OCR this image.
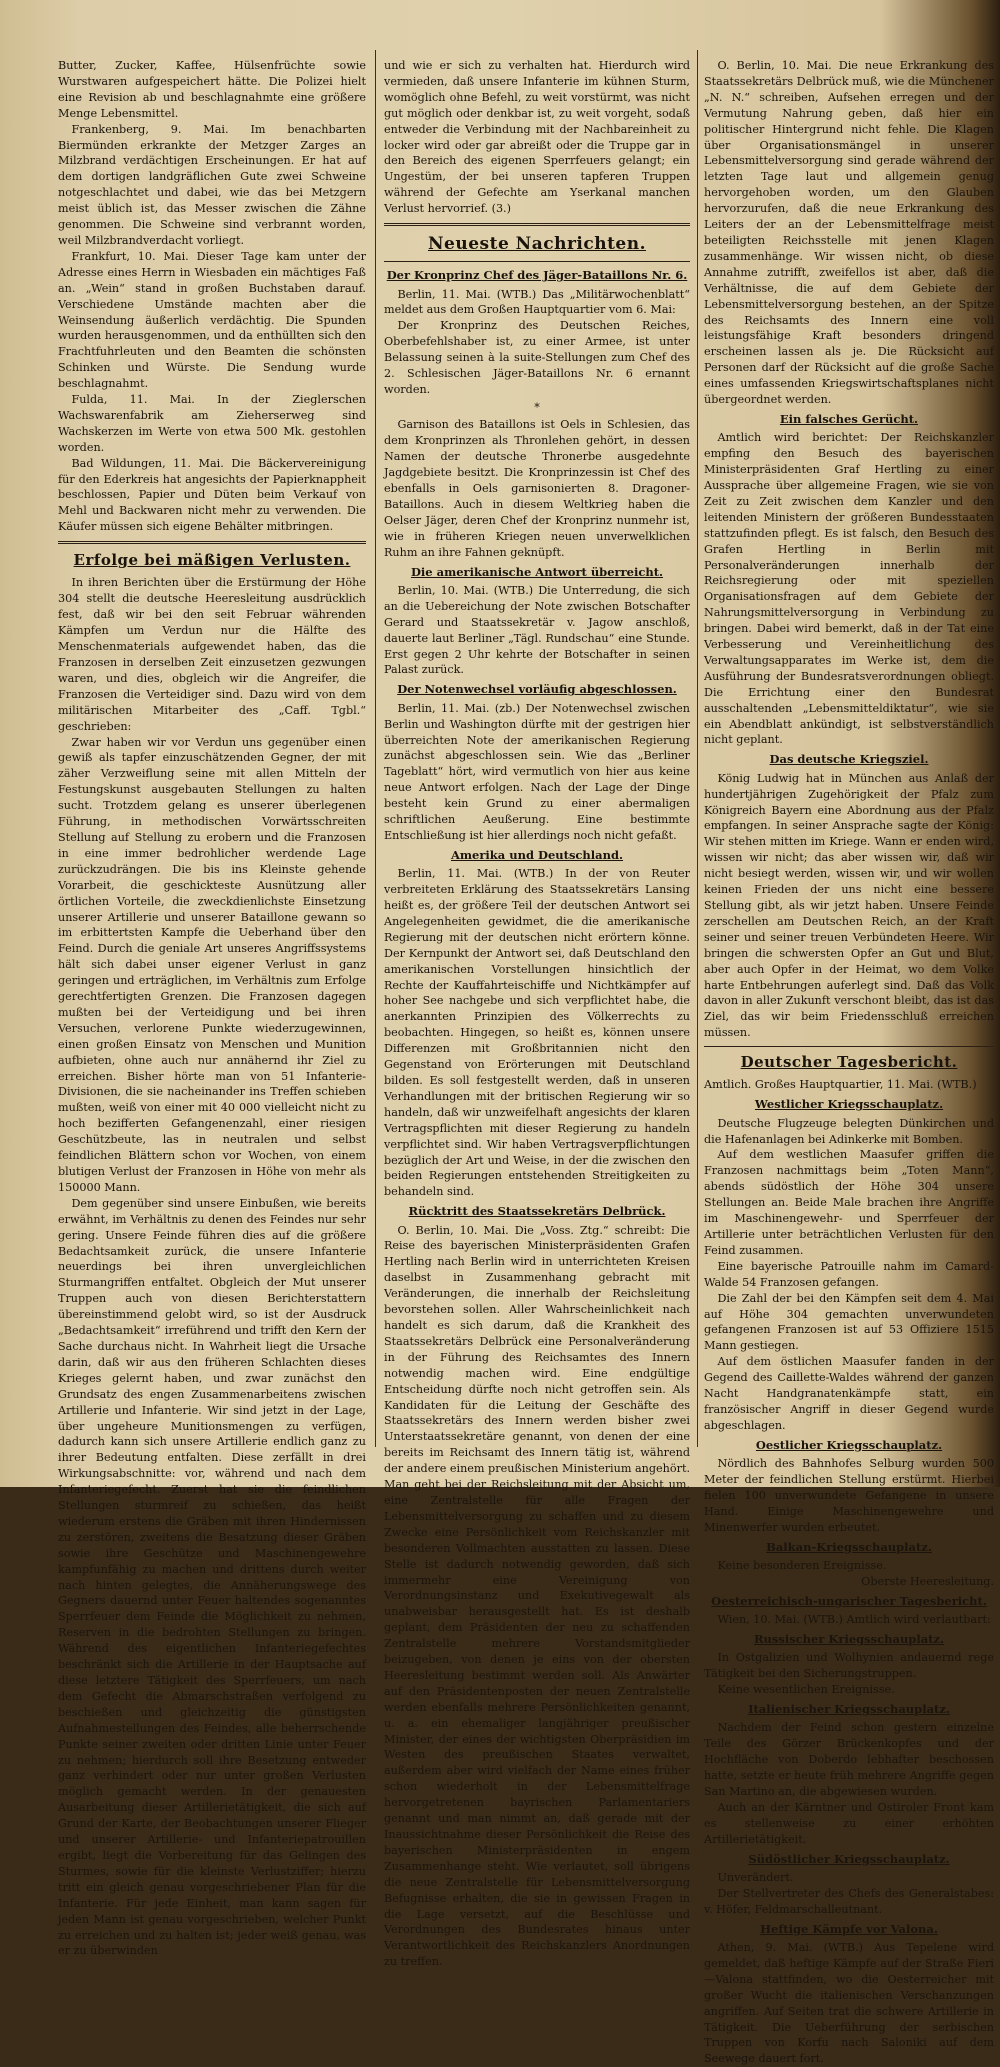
Butter, Zucker, Kaffee, Hülsenfrüchte sowie Wurstwaren aufgespeichert hätte. Die Polizei hielt eine Revision ab und beschlagnahmte eine größere Menge Lebensmittel.

Frankenberg, 9. Mai. Im benachbarten Biermünden erkrankte der Metzger Zarges an Milzbrand verdächtigen Erscheinungen. Er hat auf dem dortigen landgräflichen Gute zwei Schweine notgeschlachtet und dabei, wie das bei Metzgern meist üblich ist, das Messer zwischen die Zähne genommen. Die Schweine sind verbrannt worden, weil Milzbrandverdacht vorliegt.

Frankfurt, 10. Mai. Dieser Tage kam unter der Adresse eines Herrn in Wiesbaden ein mächtiges Faß an. „Wein“ stand in großen Buchstaben darauf. Verschiedene Umstände machten aber die Weinsendung äußerlich verdächtig. Die Spunden wurden herausgenommen, und da enthüllten sich den Frachtfuhrleuten und den Beamten die schönsten Schinken und Würste. Die Sendung wurde beschlagnahmt.

Fulda, 11. Mai. In der Zieglerschen Wachswarenfabrik am Zieherserweg sind Wachskerzen im Werte von etwa 500 Mk. gestohlen worden.

Bad Wildungen, 11. Mai. Die Bäckervereinigung für den Ederkreis hat angesichts der Papierknappheit beschlossen, Papier und Düten beim Verkauf von Mehl und Backwaren nicht mehr zu verwenden. Die Käufer müssen sich eigene Behälter mitbringen.

Erfolge bei mäßigen Verlusten.

In ihren Berichten über die Erstürmung der Höhe 304 stellt die deutsche Heeresleitung ausdrücklich fest, daß wir bei den seit Februar währenden Kämpfen um Verdun nur die Hälfte des Menschenmaterials aufgewendet haben, das die Franzosen in derselben Zeit einzusetzen gezwungen waren, und dies, obgleich wir die Angreifer, die Franzosen die Verteidiger sind. Dazu wird von dem militärischen Mitarbeiter des „Caff. Tgbl.“ geschrieben:

Zwar haben wir vor Verdun uns gegenüber einen gewiß als tapfer einzuschätzenden Gegner, der mit zäher Verzweiflung seine mit allen Mitteln der Festungskunst ausgebauten Stellungen zu halten sucht. Trotzdem gelang es unserer überlegenen Führung, in methodischen Vorwärtsschreiten Stellung auf Stellung zu erobern und die Franzosen in eine immer bedrohlicher werdende Lage zurückzudrängen. Die bis ins Kleinste gehende Vorarbeit, die geschickteste Ausnützung aller örtlichen Vorteile, die zweckdienlichste Einsetzung unserer Artillerie und unserer Bataillone gewann so im erbittertsten Kampfe die Ueberhand über den Feind. Durch die geniale Art unseres Angriffssystems hält sich dabei unser eigener Verlust in ganz geringen und erträglichen, im Verhältnis zum Erfolge gerechtfertigten Grenzen. Die Franzosen dagegen mußten bei der Verteidigung und bei ihren Versuchen, verlorene Punkte wiederzugewinnen, einen großen Einsatz von Menschen und Munition aufbieten, ohne auch nur annähernd ihr Ziel zu erreichen. Bisher hörte man von 51 Infanterie-Divisionen, die sie nacheinander ins Treffen schieben mußten, weiß von einer mit 40 000 vielleicht nicht zu hoch bezifferten Gefangenenzahl, einer riesigen Geschützbeute, las in neutralen und selbst feindlichen Blättern schon vor Wochen, von einem blutigen Verlust der Franzosen in Höhe von mehr als 150000 Mann.

Dem gegenüber sind unsere Einbußen, wie bereits erwähnt, im Verhältnis zu denen des Feindes nur sehr gering. Unsere Feinde führen dies auf die größere Bedachtsamkeit zurück, die unsere Infanterie neuerdings bei ihren unvergleichlichen Sturmangriffen entfaltet. Obgleich der Mut unserer Truppen auch von diesen Berichterstattern übereinstimmend gelobt wird, so ist der Ausdruck „Bedachtsamkeit“ irreführend und trifft den Kern der Sache durchaus nicht. In Wahrheit liegt die Ursache darin, daß wir aus den früheren Schlachten dieses Krieges gelernt haben, und zwar zunächst den Grundsatz des engen Zusammenarbeitens zwischen Artillerie und Infanterie. Wir sind jetzt in der Lage, über ungeheure Munitionsmengen zu verfügen, dadurch kann sich unsere Artillerie endlich ganz zu ihrer Bedeutung entfalten. Diese zerfällt in drei Wirkungsabschnitte: vor, während und nach dem Infanteriegefecht. Zuerst hat sie die feindlichen Stellungen sturmreif zu schießen, das heißt wiederum erstens die Gräben mit ihren Hindernissen zu zerstören, zweitens die Besatzung dieser Gräben sowie ihre Geschütze und Maschinengewehre kampfunfähig zu machen und drittens durch weiter nach hinten gelegtes, die Annäherungswege des Gegners dauernd unter Feuer haltendes sogenanntes Sperrfeuer dem Feinde die Möglichkeit zu nehmen, Reserven in die bedrohten Stellungen zu bringen. Während des eigentlichen Infanteriegefechtes beschränkt sich die Artillerie in der Hauptsache auf diese letztere Tätigkeit des Sperrfeuers, um nach dem Gefecht die Abmarschstraßen verfolgend zu beschießen und gleichzeitig die günstigsten Aufnahmestellungen des Feindes, alle beherrschende Punkte seiner zweiten oder dritten Linie unter Feuer zu nehmen; hierdurch soll ihre Besetzung entweder ganz verhindert oder nur unter großen Verlusten möglich gemacht werden. In der genauesten Ausarbeitung dieser Artillerietätigkeit, die sich auf Grund der Karte, der Beobachtungen unserer Flieger und unserer Artillerie- und Infanteriepatrouillen ergibt, liegt die Vorbereitung für das Gelingen des Sturmes, sowie für die kleinste Verlustziffer; hierzu tritt ein gleich genau vorgeschriebener Plan für die Infanterie. Für jede Einheit, man kann sagen für jeden Mann ist genau vorgeschrieben, welcher Punkt zu erreichen und zu halten ist; jeder weiß genau, was er zu überwinden

und wie er sich zu verhalten hat. Hierdurch wird vermieden, daß unsere Infanterie im kühnen Sturm, womöglich ohne Befehl, zu weit vorstürmt, was nicht gut möglich oder denkbar ist, zu weit vorgeht, sodaß entweder die Verbindung mit der Nachbareinheit zu locker wird oder gar abreißt oder die Truppe gar in den Bereich des eigenen Sperrfeuers gelangt; ein Ungestüm, der bei unseren tapferen Truppen während der Gefechte am Yserkanal manchen Verlust hervorrief. (3.)

Neueste Nachrichten.
Der Kronprinz Chef des Jäger-Bataillons Nr. 6.

Berlin, 11. Mai. (WTB.) Das „Militärwochenblatt“ meldet aus dem Großen Hauptquartier vom 6. Mai:

Der Kronprinz des Deutschen Reiches, Oberbefehlshaber ist, zu einer Armee, ist unter Belassung seinen à la suite-Stellungen zum Chef des 2. Schlesischen Jäger-Bataillons Nr. 6 ernannt worden.

*

Garnison des Bataillons ist Oels in Schlesien, das dem Kronprinzen als Thronlehen gehört, in dessen Namen der deutsche Thronerbe ausgedehnte Jagdgebiete besitzt. Die Kronprinzessin ist Chef des ebenfalls in Oels garnisonierten 8. Dragoner-Bataillons. Auch in diesem Weltkrieg haben die Oelser Jäger, deren Chef der Kronprinz nunmehr ist, wie in früheren Kriegen neuen unverwelklichen Ruhm an ihre Fahnen geknüpft.

Die amerikanische Antwort überreicht.

Berlin, 10. Mai. (WTB.) Die Unterredung, die sich an die Uebereichung der Note zwischen Botschafter Gerard und Staatssekretär v. Jagow anschloß, dauerte laut Berliner „Tägl. Rundschau“ eine Stunde. Erst gegen 2 Uhr kehrte der Botschafter in seinen Palast zurück.

Der Notenwechsel vorläufig abgeschlossen.

Berlin, 11. Mai. (zb.) Der Notenwechsel zwischen Berlin und Washington dürfte mit der gestrigen hier überreichten Note der amerikanischen Regierung zunächst abgeschlossen sein. Wie das „Berliner Tageblatt“ hört, wird vermutlich von hier aus keine neue Antwort erfolgen. Nach der Lage der Dinge besteht kein Grund zu einer abermaligen schriftlichen Aeußerung. Eine bestimmte Entschließung ist hier allerdings noch nicht gefaßt.

Amerika und Deutschland.

Berlin, 11. Mai. (WTB.) In der von Reuter verbreiteten Erklärung des Staatssekretärs Lansing heißt es, der größere Teil der deutschen Antwort sei Angelegenheiten gewidmet, die die amerikanische Regierung mit der deutschen nicht erörtern könne. Der Kernpunkt der Antwort sei, daß Deutschland den amerikanischen Vorstellungen hinsichtlich der Rechte der Kauffahrteischiffe und Nichtkämpfer auf hoher See nachgebe und sich verpflichtet habe, die anerkannten Prinzipien des Völkerrechts zu beobachten. Hingegen, so heißt es, können unsere Differenzen mit Großbritannien nicht den Gegenstand von Erörterungen mit Deutschland bilden. Es soll festgestellt werden, daß in unseren Verhandlungen mit der britischen Regierung wir so handeln, daß wir unzweifelhaft angesichts der klaren Vertragspflichten mit dieser Regierung zu handeln verpflichtet sind. Wir haben Vertragsverpflichtungen bezüglich der Art und Weise, in der die zwischen den beiden Regierungen entstehenden Streitigkeiten zu behandeln sind.

Rücktritt des Staatssekretärs Delbrück.

O. Berlin, 10. Mai. Die „Voss. Ztg.“ schreibt: Die Reise des bayerischen Ministerpräsidenten Grafen Hertling nach Berlin wird in unterrichteten Kreisen daselbst in Zusammenhang gebracht mit Veränderungen, die innerhalb der Reichsleitung bevorstehen sollen. Aller Wahrscheinlichkeit nach handelt es sich darum, daß die Krankheit des Staatssekretärs Delbrück eine Personalveränderung in der Führung des Reichsamtes des Innern notwendig machen wird. Eine endgültige Entscheidung dürfte noch nicht getroffen sein. Als Kandidaten für die Leitung der Geschäfte des Staatssekretärs des Innern werden bisher zwei Unterstaatssekretäre genannt, von denen der eine bereits im Reichsamt des Innern tätig ist, während der andere einem preußischen Ministerium angehört. Man geht bei der Reichsleitung mit der Absicht um, eine Zentralstelle für alle Fragen der Lebensmittelversorgung zu schaffen und zu diesem Zwecke eine Persönlichkeit vom Reichskanzler mit besonderen Vollmachten ausstatten zu lassen. Diese Stelle ist dadurch notwendig geworden, daß sich immermehr eine Vereinigung von Verordnungsinstanz und Exekutivegewalt als unabweisbar herausgestellt hat. Es ist deshalb geplant, dem Präsidenten der neu zu schaffenden Zentralstelle mehrere Vorstandsmitglieder beizugeben, von denen je eins von der obersten Heeresleitung bestimmt werden soll. Als Anwärter auf den Präsidentenposten der neuen Zentralstelle werden ebenfalls mehrere Persönlichkeiten genannt, u. a. ein ehemaliger langjähriger preußischer Minister, der eines der wichtigsten Oberpräsidien im Westen des preußischen Staates verwaltet, außerdem aber wird vielfach der Name eines früher schon wiederholt in der Lebensmittelfrage hervorgetretenen bayrischen Parlamentariers genannt und man nimmt an, daß gerade mit der Inaussichtnahme dieser Persönlichkeit die Reise des bayerischen Ministerpräsidenten in engem Zusammenhange steht. Wie verlautet, soll übrigens die neue Zentralstelle für Lebensmittelversorgung Befugnisse erhalten, die sie in gewissen Fragen in die Lage versetzt, auf die Beschlüsse und Verordnungen des Bundesrates hinaus unter Verantwortlichkeit des Reichskanzlers Anordnungen zu treffen.

O. Berlin, 10. Mai. Die neue Erkrankung des Staatssekretärs Delbrück muß, wie die Münchener „N. N.“ schreiben, Aufsehen erregen und der Vermutung Nahrung geben, daß hier ein politischer Hintergrund nicht fehle. Die Klagen über Organisationsmängel in unserer Lebensmittelversorgung sind gerade während der letzten Tage laut und allgemein genug hervorgehoben worden, um den Glauben hervorzurufen, daß die neue Erkrankung des Leiters der an der Lebensmittelfrage meist beteiligten Reichsstelle mit jenen Klagen zusammenhänge. Wir wissen nicht, ob diese Annahme zutrifft, zweifellos ist aber, daß die Verhältnisse, die auf dem Gebiete der Lebensmittelversorgung bestehen, an der Spitze des Reichsamts des Innern eine voll leistungsfähige Kraft besonders dringend erscheinen lassen als je. Die Rücksicht auf Personen darf der Rücksicht auf die große Sache eines umfassenden Kriegswirtschaftsplanes nicht übergeordnet werden.

Ein falsches Gerücht.

Amtlich wird berichtet: Der Reichskanzler empfing den Besuch des bayerischen Ministerpräsidenten Graf Hertling zu einer Aussprache über allgemeine Fragen, wie sie von Zeit zu Zeit zwischen dem Kanzler und den leitenden Ministern der größeren Bundesstaaten stattzufinden pflegt. Es ist falsch, den Besuch des Grafen Hertling in Berlin mit Personalveränderungen innerhalb der Reichsregierung oder mit speziellen Organisationsfragen auf dem Gebiete der Nahrungsmittelversorgung in Verbindung zu bringen. Dabei wird bemerkt, daß in der Tat eine Verbesserung und Vereinheitlichung des Verwaltungsapparates im Werke ist, dem die Ausführung der Bundesratsverordnungen obliegt. Die Errichtung einer den Bundesrat ausschaltenden „Lebensmitteldiktatur“, wie sie ein Abendblatt ankündigt, ist selbstverständlich nicht geplant.

Das deutsche Kriegsziel.

König Ludwig hat in München aus Anlaß der hundertjährigen Zugehörigkeit der Pfalz zum Königreich Bayern eine Abordnung aus der Pfalz empfangen. In seiner Ansprache sagte der König: Wir stehen mitten im Kriege. Wann er enden wird, wissen wir nicht; das aber wissen wir, daß wir nicht besiegt werden, wissen wir, und wir wollen keinen Frieden der uns nicht eine bessere Stellung gibt, als wir jetzt haben. Unsere Feinde zerschellen am Deutschen Reich, an der Kraft seiner und seiner treuen Verbündeten Heere. Wir bringen die schwersten Opfer an Gut und Blut, aber auch Opfer in der Heimat, wo dem Volke harte Entbehrungen auferlegt sind. Daß das Volk davon in aller Zukunft verschont bleibt, das ist das Ziel, das wir beim Friedensschluß erreichen müssen.

Deutscher Tagesbericht.

Amtlich. Großes Hauptquartier, 11. Mai. (WTB.)

Westlicher Kriegsschauplatz.

Deutsche Flugzeuge belegten Dünkirchen und die Hafenanlagen bei Adinkerke mit Bomben.

Auf dem westlichen Maasufer griffen die Franzosen nachmittags beim „Toten Mann“, abends südöstlich der Höhe 304 unsere Stellungen an. Beide Male brachen ihre Angriffe im Maschinengewehr- und Sperrfeuer der Artillerie unter beträchtlichen Verlusten für den Feind zusammen.

Eine bayerische Patrouille nahm im Camard-Walde 54 Franzosen gefangen.

Die Zahl der bei den Kämpfen seit dem 4. Mai auf Höhe 304 gemachten unverwundeten gefangenen Franzosen ist auf 53 Offiziere 1515 Mann gestiegen.

Auf dem östlichen Maasufer fanden in der Gegend des Caillette-Waldes während der ganzen Nacht Handgranatenkämpfe statt, ein französischer Angriff in dieser Gegend wurde abgeschlagen.

Oestlicher Kriegsschauplatz.

Nördlich des Bahnhofes Selburg wurden 500 Meter der feindlichen Stellung erstürmt. Hierbei fielen 100 unverwundete Gefangene in unsere Hand. Einige Maschinengewehre und Minenwerfer wurden erbeutet.

Balkan-Kriegsschauplatz.

Keine besonderen Ereignisse.

Oberste Heeresleitung.

Oesterreichisch-ungarischer Tagesbericht.

Wien, 10. Mai. (WTB.) Amtlich wird verlautbart:

Russischer Kriegsschauplatz.

In Ostgalizien und Wolhynien andauernd rege Tätigkeit bei den Sicherungstruppen.

Keine wesentlichen Ereignisse.

Italienischer Kriegsschauplatz.

Nachdem der Feind schon gestern einzelne Teile des Görzer Brückenkopfes und der Hochfläche von Doberdo lebhafter beschossen hatte, setzte er heute früh mehrere Angriffe gegen San Martino an, die abgewiesen wurden.

Auch an der Kärntner und Ostiroler Front kam es stellenweise zu einer erhöhten Artillerietätigkeit.

Südöstlicher Kriegsschauplatz.

Unverändert.

Der Stellvertreter des Chefs des Generalstabes: v. Höfer, Feldmarschalleutnant.

Heftige Kämpfe vor Valona.

Athen, 9. Mai. (WTB.) Aus Tepelene wird gemeldet, daß heftige Kämpfe auf der Straße Fieri—Valona stattfinden, wo die Oesterreicher mit großer Wucht die italienischen Verschanzungen angriffen. Auf Seiten trat die schwere Artillerie in Tätigkeit. Die Ueberführung der serbischen Truppen von Korfu nach Saloniki auf dem Seewege dauert fort.
